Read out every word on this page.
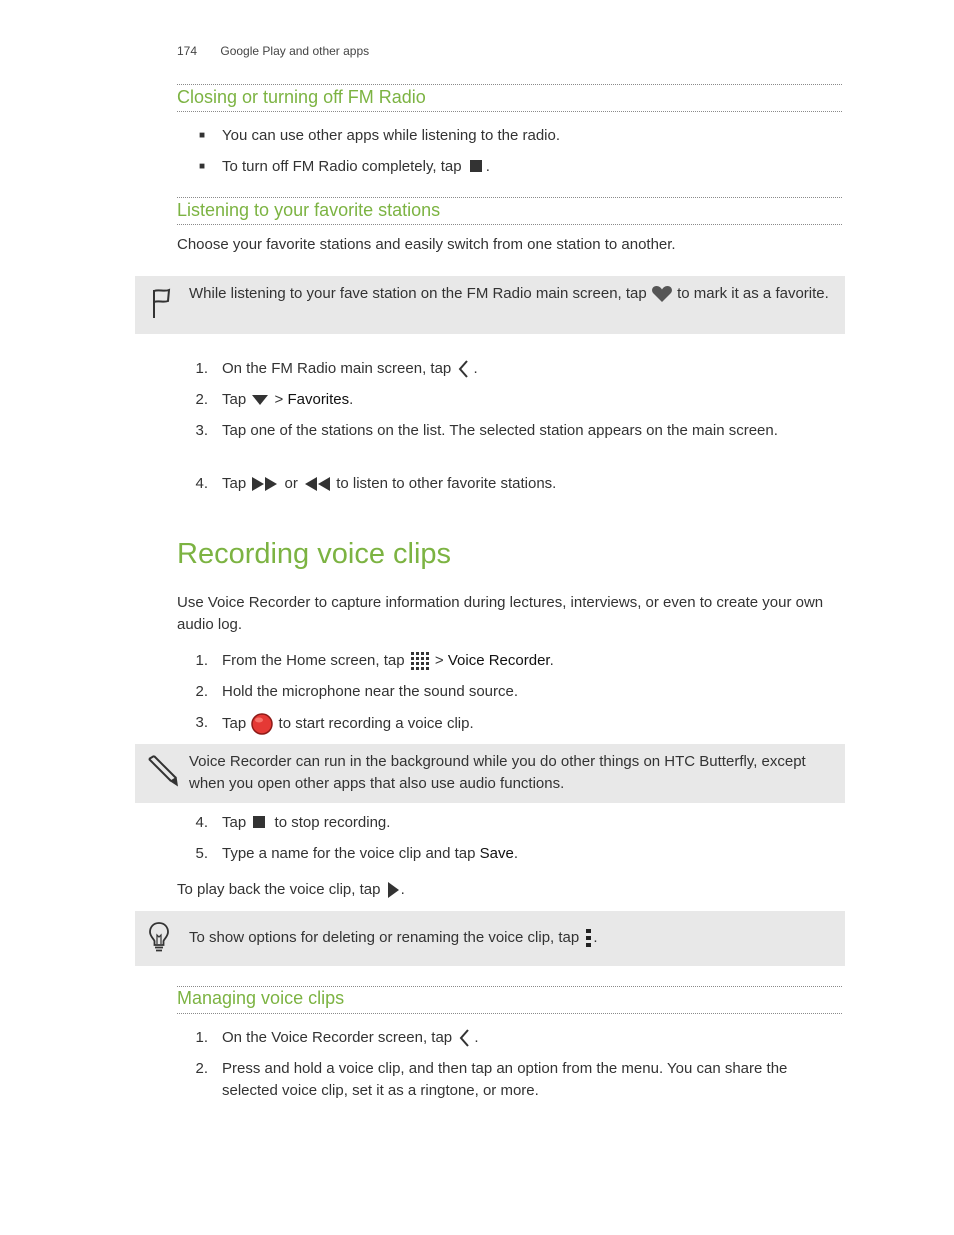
174 Google Play and other apps
Closing or turning off FM Radio
■ You can use other apps while listening to the radio.
■ To turn off FM Radio completely, tap .
Listening to your favorite stations
Choose your favorite stations and easily switch from one station to another.
While listening to your fave station on the FM Radio main screen, tap to mark it as a favorite.
1. On the FM Radio main screen, tap .
2. Tap > Favorites.
3. Tap one of the stations on the list. The selected station appears on the main screen.
4. Tap	or	to listen to other favorite stations.
Recording voice clips
Use Voice Recorder to capture information during lectures, interviews, or even to create your own audio log.
1. From the Home screen, tap > Voice Recorder.
2. Hold the microphone near the sound source.
3. Tap to start recording a voice clip.
Voice Recorder can run in the background while you do other things on HTC Butterfly, except when you open other apps that also use audio functions.
4. Tap to stop recording.
5. Type a name for the voice clip and tap Save.
To play back the voice clip, tap .
To show options for deleting or renaming the voice clip, tap .
Managing voice clips
1. On the Voice Recorder screen, tap .
2. Press and hold a voice clip, and then tap an option from the menu. You can share the selected voice clip, set it as a ringtone, or more.
